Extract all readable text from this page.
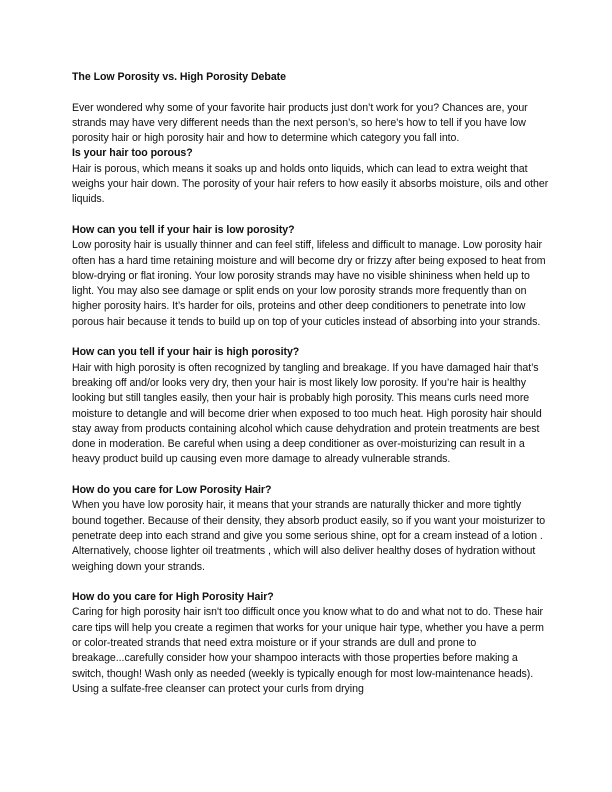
The Low Porosity vs. High Porosity Debate

Ever wondered why some of your favorite hair products just don’t work for you? Chances are, your strands may have very different needs than the next person’s, so here’s how to tell if you have low porosity hair or high porosity hair and how to determine which category you fall into.

Is your hair too porous?

Hair is porous, which means it soaks up and holds onto liquids, which can lead to extra weight that weighs your hair down. The porosity of your hair refers to how easily it absorbs moisture, oils and other liquids.

How can you tell if your hair is low porosity?

Low porosity hair is usually thinner and can feel stiff, lifeless and difficult to manage. Low porosity hair often has a hard time retaining moisture and will become dry or frizzy after being exposed to heat from blow-drying or flat ironing. Your low porosity strands may have no visible shininess when held up to light. You may also see damage or split ends on your low porosity strands more frequently than on higher porosity hairs. It’s harder for oils, proteins and other deep conditioners to penetrate into low porous hair because it tends to build up on top of your cuticles instead of absorbing into your strands.

How can you tell if your hair is high porosity?

Hair with high porosity is often recognized by tangling and breakage. If you have damaged hair that’s breaking off and/or looks very dry, then your hair is most likely low porosity. If you’re hair is healthy looking but still tangles easily, then your hair is probably high porosity. This means curls need more moisture to detangle and will become drier when exposed to too much heat. High porosity hair should stay away from products containing alcohol which cause dehydration and protein treatments are best done in moderation. Be careful when using a deep conditioner as over-moisturizing can result in a heavy product build up causing even more damage to already vulnerable strands.

How do you care for Low Porosity Hair?

When you have low porosity hair, it means that your strands are naturally thicker and more tightly bound together. Because of their density, they absorb product easily, so if you want your moisturizer to penetrate deep into each strand and give you some serious shine, opt for a cream instead of a lotion . Alternatively, choose lighter oil treatments , which will also deliver healthy doses of hydration without weighing down your strands.

How do you care for High Porosity Hair?

Caring for high porosity hair isn't too difficult once you know what to do and what not to do. These hair care tips will help you create a regimen that works for your unique hair type, whether you have a perm or color-treated strands that need extra moisture or if your strands are dull and prone to breakage...carefully consider how your shampoo interacts with those properties before making a switch, though! Wash only as needed (weekly is typically enough for most low-maintenance heads). Using a sulfate-free cleanser can protect your curls from drying
